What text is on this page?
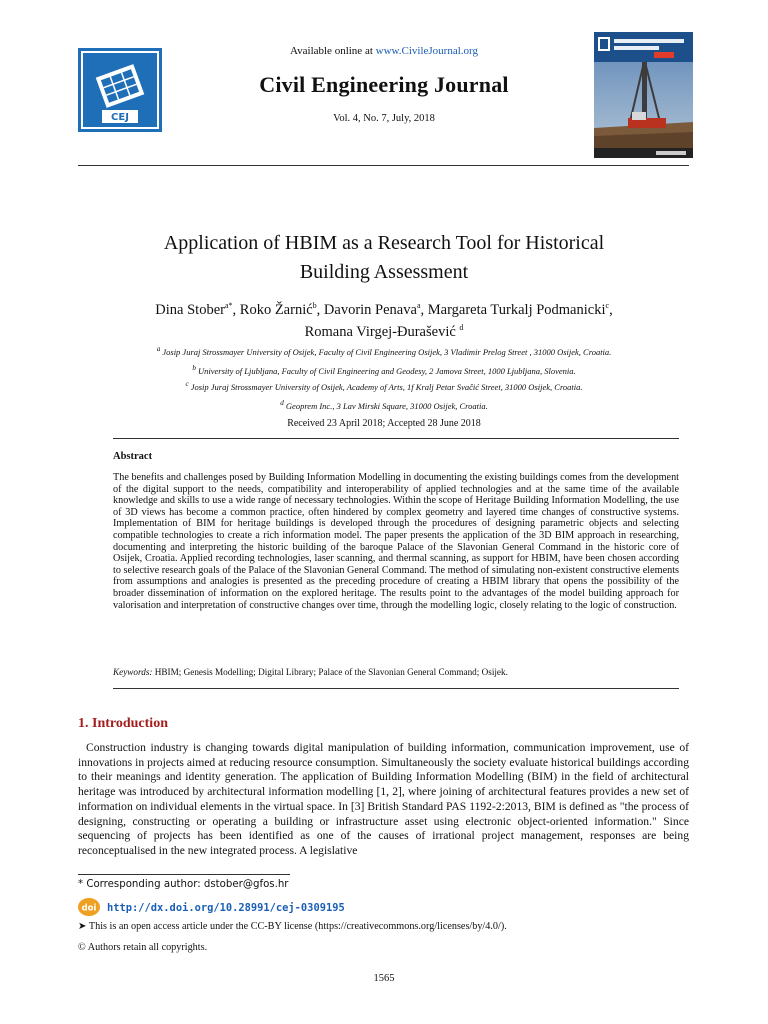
CEJ
Available online at www.CivileJournal.org
Civil Engineering Journal
Vol. 4, No. 7, July, 2018
Application of HBIM as a Research Tool for Historical
Building Assessment
Dina Stober$^{a*}$, Roko Žarnić$^b$, Davorin Penava$^a$, Margareta Turkalj Podmanicki$^c$,
Romana Virgej-Đurašević $^d$
$^a$ Josip Juraj Strossmayer University of Osijek, Faculty of Civil Engineering Osijek, 3 Vladimir Prelog Street , 31000 Osijek, Croatia.
$^b$ University of Ljubljana, Faculty of Civil Engineering and Geodesy, 2 Jamova Street, 1000 Ljubljana, Slovenia.
$^c$ Josip Juraj Strossmayer University of Osijek, Academy of Arts, 1f Kralj Petar Svačić Street, 31000 Osijek, Croatia.
$^d$ Geoprem Inc., 3 Lav Mirski Square, 31000 Osijek, Croatia.
Received 23 April 2018; Accepted 28 June 2018
Abstract
The benefits and challenges posed by Building Information Modelling in documenting the existing buildings comes from the development of the digital support to the needs, compatibility and interoperability of applied technologies and at the same time of the available knowledge and skills to use a wide range of necessary technologies. Within the scope of Heritage Building Information Modelling, the use of 3D views has become a common practice, often hindered by complex geometry and layered time changes of constructive systems. Implementation of BIM for heritage buildings is developed through the procedures of designing parametric objects and selecting compatible technologies to create a rich information model. The paper presents the application of the 3D BIM approach in researching, documenting and interpreting the historic building of the baroque Palace of the Slavonian General Command in the historic core of Osijek, Croatia. Applied recording technologies, laser scanning, and thermal scanning, as support for HBIM, have been chosen according to selective research goals of the Palace of the Slavonian General Command. The method of simulating non-existent constructive elements from assumptions and analogies is presented as the preceding procedure of creating a HBIM library that opens the possibility of the broader dissemination of information on the explored heritage. The results point to the advantages of the model building approach for valorisation and interpretation of constructive changes over time, through the modelling logic, closely relating to the logic of construction.
Keywords: HBIM; Genesis Modelling; Digital Library; Palace of the Slavonian General Command; Osijek.
1. Introduction
Construction industry is changing towards digital manipulation of building information, communication improvement, use of innovations in projects aimed at reducing resource consumption. Simultaneously the society evaluate historical buildings according to their meanings and identity generation. The application of Building Information Modelling (BIM) in the field of architectural heritage was introduced by architectural information modelling [1, 2], where joining of architectural features provides a new set of information on individual elements in the virtual space. In [3] British Standard PAS 1192-2:2013, BIM is defined as "the process of designing, constructing or operating a building or infrastructure asset using electronic object-oriented information." Since sequencing of projects has been identified as one of the causes of irrational project management, responses are being reconceptualised in the new integrated process. A legislative
* Corresponding author: dstober@gfos.hr
doi http://dx.doi.org/10.28991/cej-0309195
➤ This is an open access article under the CC-BY license (https://creativecommons.org/licenses/by/4.0/).
© Authors retain all copyrights.
1565
